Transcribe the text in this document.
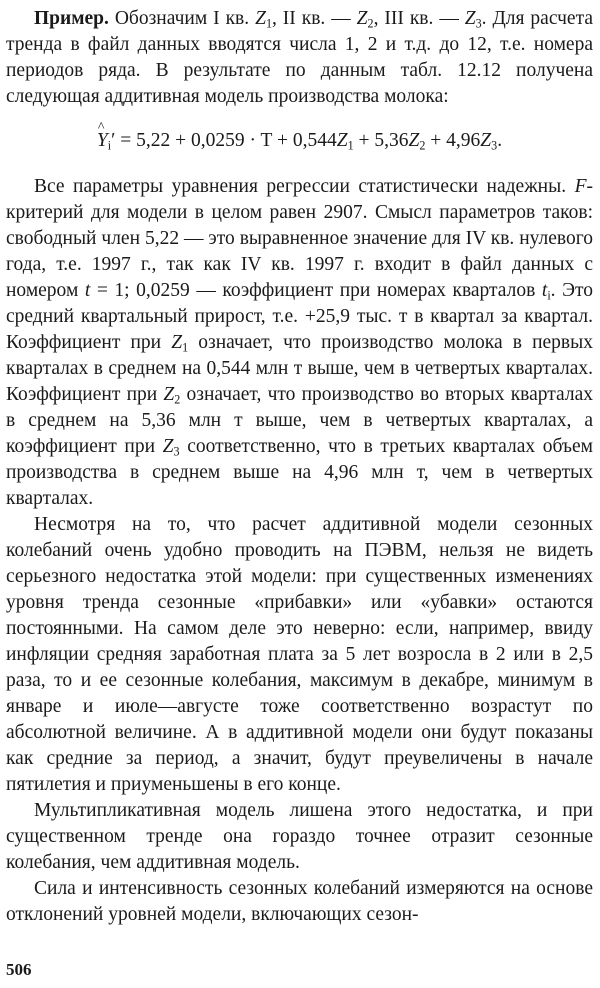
Пример. Обозначим I кв. $Z_1$, II кв. — $Z_2$, III кв. — $Z_3$. Для расчета тренда в файл данных вводятся числа 1, 2 и т.д. до 12, т.е. номера периодов ряда. В результате по данным табл. 12.12 получена следующая аддитивная модель производства молока:

^ $Y_i' = 5,22 + 0,0259 \cdot T + 0,544Z_1 + 5,36Z_2 + 4,96Z_3$.

Все параметры уравнения регрессии статистически надежны. F-критерий для модели в целом равен 2907. Смысл параметров таков: свободный член 5,22 — это выравненное значение для IV кв. нулевого года, т.е. 1997 г., так как IV кв. 1997 г. входит в файл данных с номером t = 1; 0,0259 — коэффициент при номерах кварталов $t_i$. Это средний квартальный прирост, т.е. +25,9 тыс. т в квартал за квартал. Коэффициент при $Z_1$ означает, что производство молока в первых кварталах в среднем на 0,544 млн т выше, чем в четвертых кварталах. Коэффициент при $Z_2$ означает, что производство во вторых кварталах в среднем на 5,36 млн т выше, чем в четвертых кварталах, а коэффициент при $Z_3$ соответственно, что в третьих кварталах объем производства в среднем выше на 4,96 млн т, чем в четвертых кварталах.

Несмотря на то, что расчет аддитивной модели сезонных колебаний очень удобно проводить на ПЭВМ, нельзя не видеть серьезного недостатка этой модели: при существенных изменениях уровня тренда сезонные «прибавки» или «убавки» остаются постоянными. На самом деле это неверно: если, например, ввиду инфляции средняя заработная плата за 5 лет возросла в 2 или в 2,5 раза, то и ее сезонные колебания, максимум в декабре, минимум в январе и июле—августе тоже соответственно возрастут по абсолютной величине. А в аддитивной модели они будут показаны как средние за период, а значит, будут преувеличены в начале пятилетия и приуменьшены в его конце.

Мультипликативная модель лишена этого недостатка, и при существенном тренде она гораздо точнее отразит сезонные колебания, чем аддитивная модель.

Сила и интенсивность сезонных колебаний измеряются на основе отклонений уровней модели, включающих сезон-

506
